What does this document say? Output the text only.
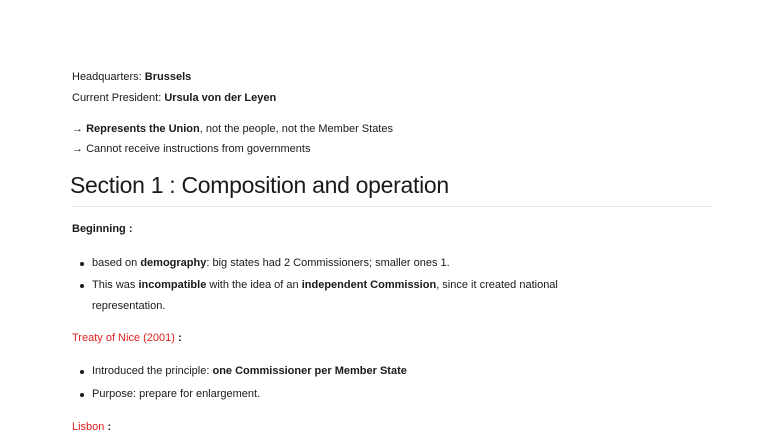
Headquarters: Brussels
Current President: Ursula von der Leyen
→ Represents the Union, not the people, not the Member States
→ Cannot receive instructions from governments
Section 1 : Composition and operation
Beginning :
based on demography: big states had 2 Commissioners; smaller ones 1.
This was incompatible with the idea of an independent Commission, since it created national
representation.
Treaty of Nice (2001) :
Introduced the principle: one Commissioner per Member State
Purpose: prepare for enlargement.
Lisbon :
